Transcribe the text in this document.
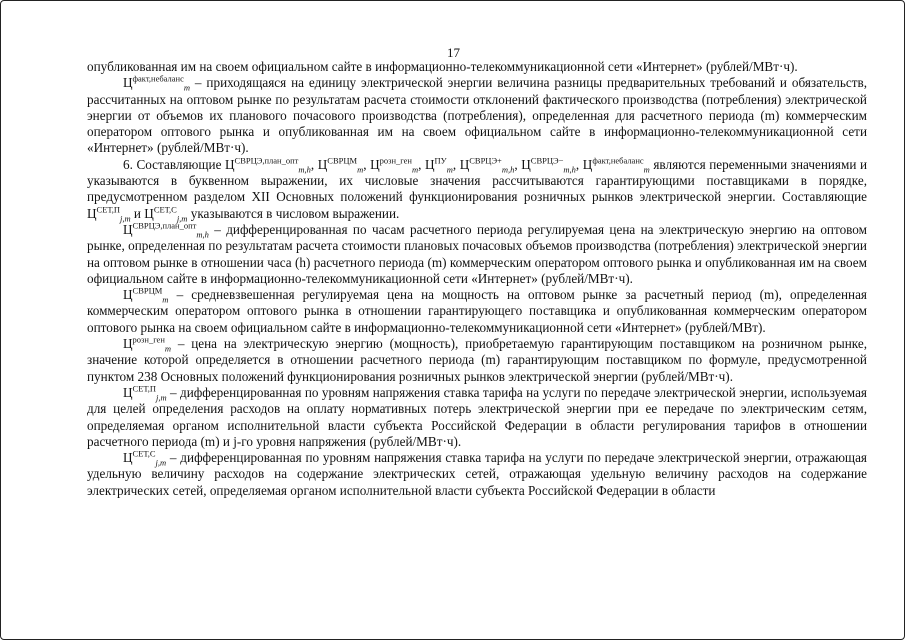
17

опубликованная им на своем официальном сайте в информационно-телекоммуникационной сети «Интернет» (рублей/МВт·ч).

$Ц^{факт,небаланс}_m$ – приходящаяся на единицу электрической энергии величина разницы предварительных требований и обязательств, рассчитанных на оптовом рынке по результатам расчета стоимости отклонений фактического производства (потребления) электрической энергии от объемов их планового почасового производства (потребления), определенная для расчетного периода (m) коммерческим оператором оптового рынка и опубликованная им на своем официальном сайте в информационно-телекоммуникационной сети «Интернет» (рублей/МВт·ч).

6. Составляющие $Ц^{СВРЦЭ,план\_опт}_{m,h}$, $Ц^{СВРЦМ}_m$, $Ц^{розн\_ген}_m$, $Ц^{ПУ}_m$, $Ц^{СВРЦЭ+}_{m,h}$, $Ц^{СВРЦЭ-}_{m,h}$, $Ц^{факт,небаланс}_m$ являются переменными значениями и указываются в буквенном выражении, их числовые значения рассчитываются гарантирующими поставщиками в порядке, предусмотренном разделом XII Основных положений функционирования розничных рынков электрической энергии. Составляющие $Ц^{СЕТ,П}_{j,m}$ и $Ц^{СЕТ,С}_{j,m}$ указываются в числовом выражении.

$Ц^{СВРЦЭ,план\_опт}_{m,h}$ – дифференцированная по часам расчетного периода регулируемая цена на электрическую энергию на оптовом рынке, определенная по результатам расчета стоимости плановых почасовых объемов производства (потребления) электрической энергии на оптовом рынке в отношении часа (h) расчетного периода (m) коммерческим оператором оптового рынка и опубликованная им на своем официальном сайте в информационно-телекоммуникационной сети «Интернет» (рублей/МВт·ч).

$Ц^{СВРЦМ}_m$ – средневзвешенная регулируемая цена на мощность на оптовом рынке за расчетный период (m), определенная коммерческим оператором оптового рынка в отношении гарантирующего поставщика и опубликованная коммерческим оператором оптового рынка на своем официальном сайте в информационно-телекоммуникационной сети «Интернет» (рублей/МВт).

$Ц^{розн\_ген}_m$ – цена на электрическую энергию (мощность), приобретаемую гарантирующим поставщиком на розничном рынке, значение которой определяется в отношении расчетного периода (m) гарантирующим поставщиком по формуле, предусмотренной пунктом 238 Основных положений функционирования розничных рынков электрической энергии (рублей/МВт·ч).

$Ц^{СЕТ,П}_{j,m}$ – дифференцированная по уровням напряжения ставка тарифа на услуги по передаче электрической энергии, используемая для целей определения расходов на оплату нормативных потерь электрической энергии при ее передаче по электрическим сетям, определяемая органом исполнительной власти субъекта Российской Федерации в области регулирования тарифов в отношении расчетного периода (m) и j-го уровня напряжения (рублей/МВт·ч).

$Ц^{СЕТ,С}_{j,m}$ – дифференцированная по уровням напряжения ставка тарифа на услуги по передаче электрической энергии, отражающая удельную величину расходов на содержание электрических сетей, отражающая удельную величину расходов на содержание электрических сетей, определяемая органом исполнительной власти субъекта Российской Федерации в области
